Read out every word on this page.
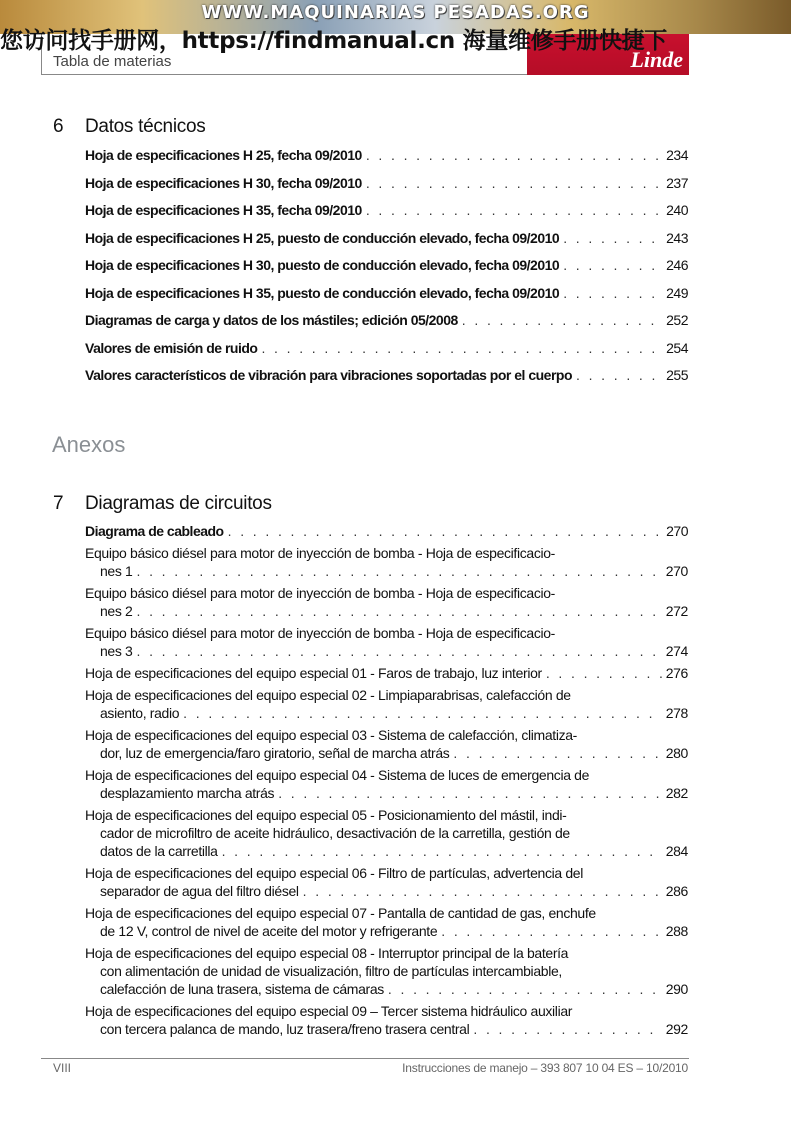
WWW.MAQUINARIAS PESADAS.ORG
Linde
您访问找手册网，https://findmanual.cn 海量维修手册快捷下
Tabla de materias
6 Datos técnicos
Hoja de especificaciones H 25, fecha 09/2010 . . .	234
Hoja de especificaciones H 30, fecha 09/2010 . . .	237
Hoja de especificaciones H 35, fecha 09/2010 . . .	240
Hoja de especificaciones H 25, puesto de conducción elevado, fecha 09/2010 . . .	243
Hoja de especificaciones H 30, puesto de conducción elevado, fecha 09/2010 . . .	246
Hoja de especificaciones H 35, puesto de conducción elevado, fecha 09/2010 . . .	249
Diagramas de carga y datos de los mástiles; edición 05/2008 . . .	252
Valores de emisión de ruido . . .	254
Valores característicos de vibración para vibraciones soportadas por el cuerpo . . .	255
Anexos
7 Diagramas de circuitos
Diagrama de cableado . . .	270
Equipo básico diésel para motor de inyección de bomba - Hoja de especificacio-
nes 1 . . .	270
Equipo básico diésel para motor de inyección de bomba - Hoja de especificacio-
nes 2 . . .	272
Equipo básico diésel para motor de inyección de bomba - Hoja de especificacio-
nes 3 . . .	274
Hoja de especificaciones del equipo especial 01 - Faros de trabajo, luz interior . . .	276
Hoja de especificaciones del equipo especial 02 - Limpiaparabrisas, calefacción de
asiento, radio . . .	278
Hoja de especificaciones del equipo especial 03 - Sistema de calefacción, climatiza-
dor, luz de emergencia/faro giratorio, señal de marcha atrás . . .	280
Hoja de especificaciones del equipo especial 04 - Sistema de luces de emergencia de
desplazamiento marcha atrás . . .	282
Hoja de especificaciones del equipo especial 05 - Posicionamiento del mástil, indi-
cador de microfiltro de aceite hidráulico, desactivación de la carretilla, gestión de
datos de la carretilla . . .	284
Hoja de especificaciones del equipo especial 06 - Filtro de partículas, advertencia del
separador de agua del filtro diésel . . .	286
Hoja de especificaciones del equipo especial 07 - Pantalla de cantidad de gas, enchufe
de 12 V, control de nivel de aceite del motor y refrigerante . . .	288
Hoja de especificaciones del equipo especial 08 - Interruptor principal de la batería
con alimentación de unidad de visualización, filtro de partículas intercambiable,
calefacción de luna trasera, sistema de cámaras . . .	290
Hoja de especificaciones del equipo especial 09 – Tercer sistema hidráulico auxiliar
con tercera palanca de mando, luz trasera/freno trasera central . . .	292
VIII	Instrucciones de manejo – 393 807 10 04 ES – 10/2010
